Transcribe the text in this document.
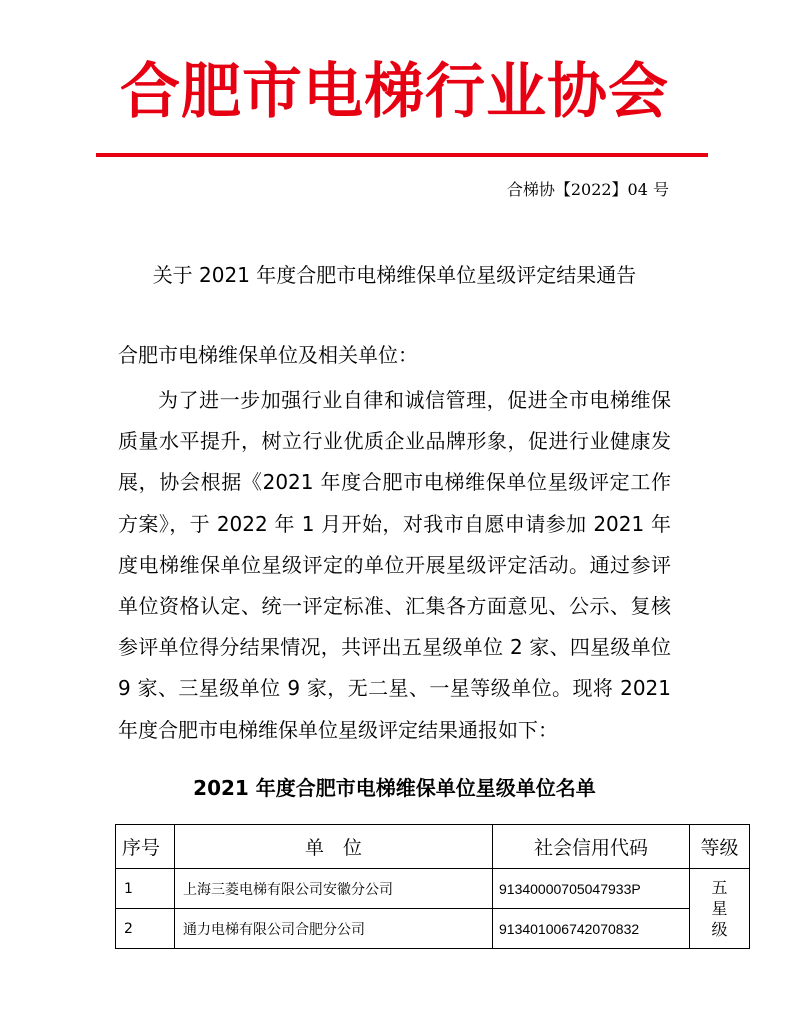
合肥市电梯行业协会
合梯协【2022】04 号
关于 2021 年度合肥市电梯维保单位星级评定结果通告
合肥市电梯维保单位及相关单位：
为了进一步加强行业自律和诚信管理，促进全市电梯维保质量水平提升，树立行业优质企业品牌形象，促进行业健康发展，协会根据《2021 年度合肥市电梯维保单位星级评定工作方案》，于 2022 年 1 月开始，对我市自愿申请参加 2021 年度电梯维保单位星级评定的单位开展星级评定活动。通过参评单位资格认定、统一评定标准、汇集各方面意见、公示、复核参评单位得分结果情况，共评出五星级单位 2 家、四星级单位 9 家、三星级单位 9 家，无二星、一星等级单位。现将 2021 年度合肥市电梯维保单位星级评定结果通报如下：
2021 年度合肥市电梯维保单位星级单位名单
序号	单　位	社会信用代码	等级
1	上海三菱电梯有限公司安徽分公司	91340000705047933P	五星级
2	通力电梯有限公司合肥分公司	913401006742070832	
